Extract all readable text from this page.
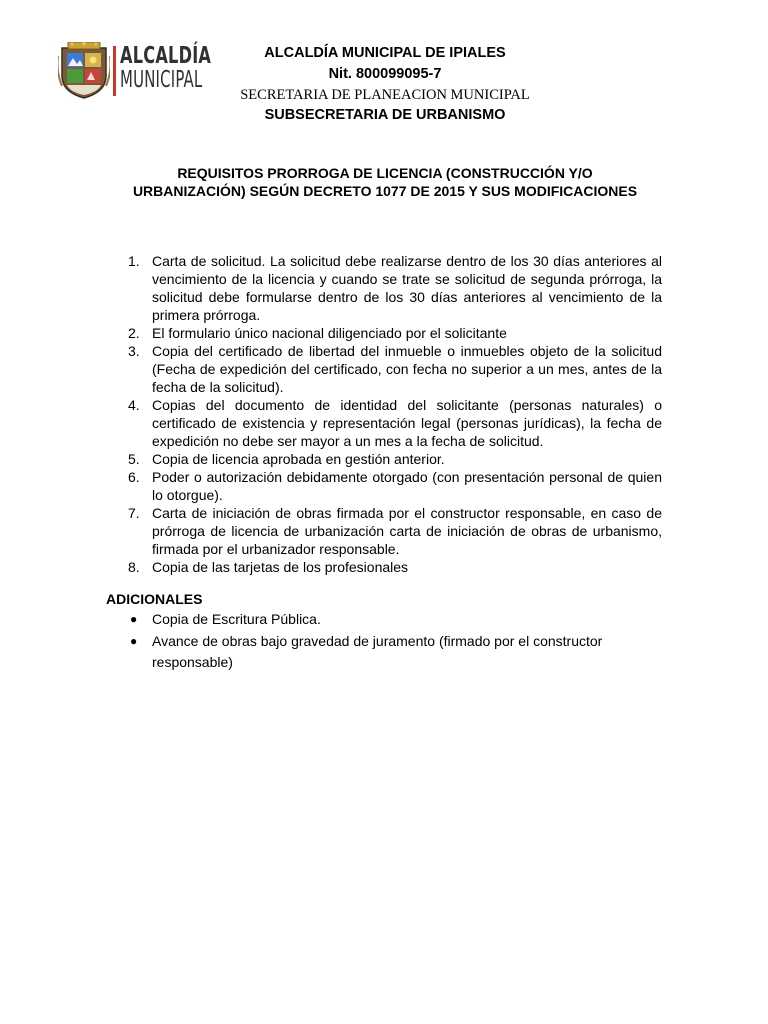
ALCALDÍA
MUNICIPAL
ALCALDÍA MUNICIPAL DE IPIALES
Nit. 800099095-7
SECRETARIA DE PLANEACION MUNICIPAL
SUBSECRETARIA DE URBANISMO
REQUISITOS PRORROGA DE LICENCIA (CONSTRUCCIÓN Y/O
URBANIZACIÓN) SEGÚN DECRETO 1077 DE 2015 Y SUS MODIFICACIONES
1. Carta de solicitud. La solicitud debe realizarse dentro de los 30 días anteriores al vencimiento de la licencia y cuando se trate se solicitud de segunda prórroga, la solicitud debe formularse dentro de los 30 días anteriores al vencimiento de la primera prórroga.
2. El formulario único nacional diligenciado por el solicitante
3. Copia del certificado de libertad del inmueble o inmuebles objeto de la solicitud (Fecha de expedición del certificado, con fecha no superior a un mes, antes de la fecha de la solicitud).
4. Copias del documento de identidad del solicitante (personas naturales) o certificado de existencia y representación legal (personas jurídicas), la fecha de expedición no debe ser mayor a un mes a la fecha de solicitud.
5. Copia de licencia aprobada en gestión anterior.
6. Poder o autorización debidamente otorgado (con presentación personal de quien lo otorgue).
7. Carta de iniciación de obras firmada por el constructor responsable, en caso de prórroga de licencia de urbanización carta de iniciación de obras de urbanismo, firmada por el urbanizador responsable.
8. Copia de las tarjetas de los profesionales
ADICIONALES
● Copia de Escritura Pública.
● Avance de obras bajo gravedad de juramento (firmado por el constructor responsable)
